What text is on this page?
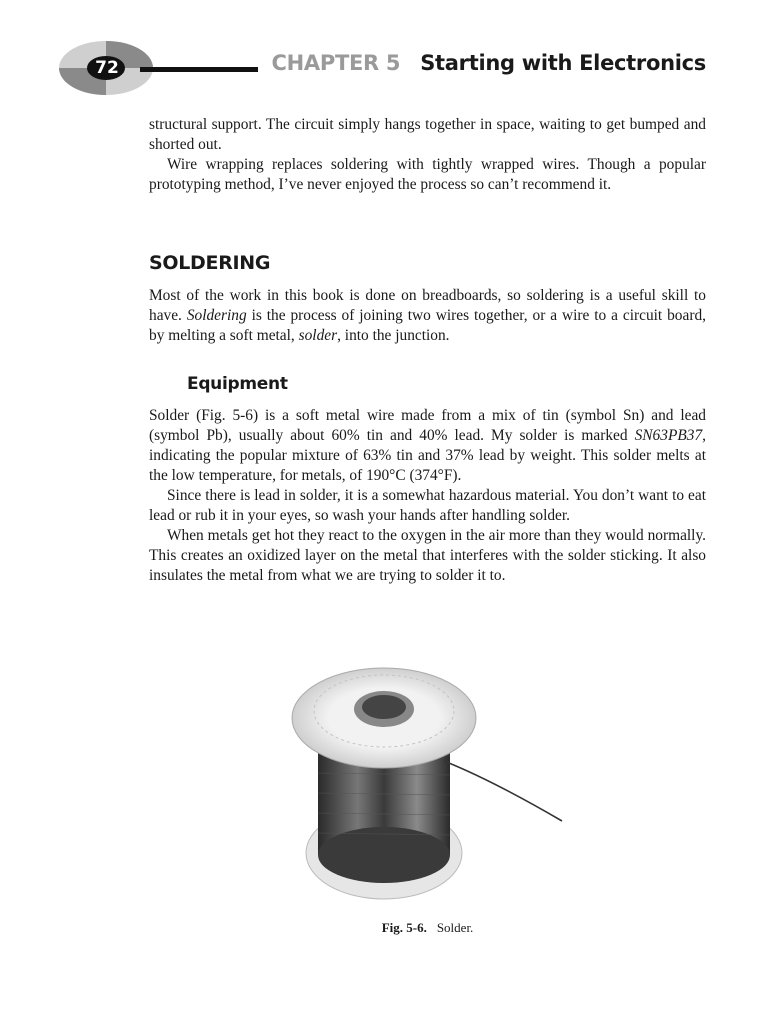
72	CHAPTER 5 Starting with Electronics

structural support. The circuit simply hangs together in space, waiting to get bumped and shorted out.

Wire wrapping replaces soldering with tightly wrapped wires. Though a popular prototyping method, I’ve never enjoyed the process so can’t recommend it.

SOLDERING

Most of the work in this book is done on breadboards, so soldering is a useful skill to have. Soldering is the process of joining two wires together, or a wire to a circuit board, by melting a soft metal, solder, into the junction.

Equipment

Solder (Fig. 5-6) is a soft metal wire made from a mix of tin (symbol Sn) and lead (symbol Pb), usually about 60% tin and 40% lead. My solder is marked SN63PB37, indicating the popular mixture of 63% tin and 37% lead by weight. This solder melts at the low temperature, for metals, of 190°C (374°F).

Since there is lead in solder, it is a somewhat hazardous material. You don’t want to eat lead or rub it in your eyes, so wash your hands after handling solder.

When metals get hot they react to the oxygen in the air more than they would normally. This creates an oxidized layer on the metal that interferes with the solder sticking. It also insulates the metal from what we are trying to solder it to.

Fig. 5-6. Solder.
